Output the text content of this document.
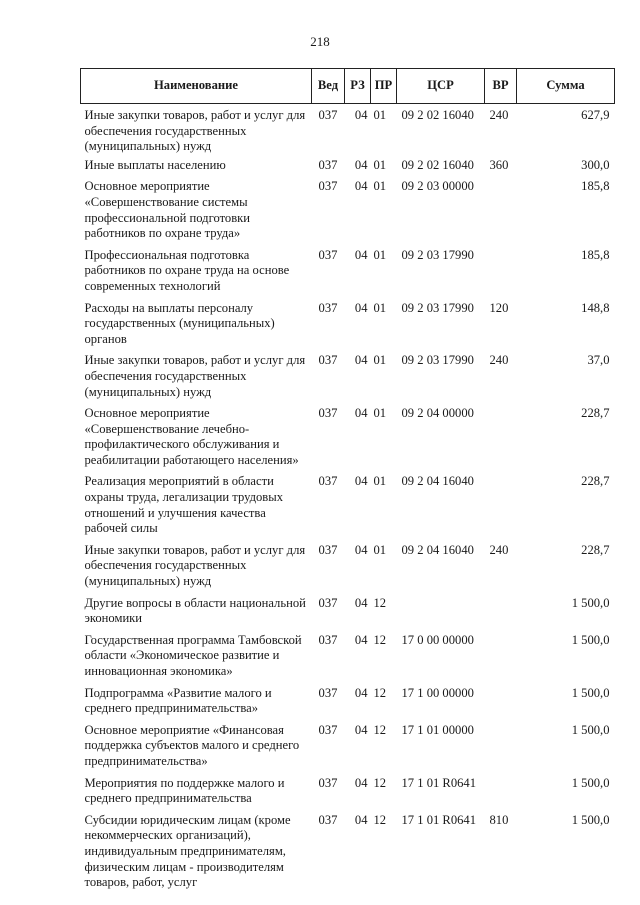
218
Наименование	Вед	РЗ	ПР	ЦСР	ВР	Сумма
Иные закупки товаров, работ и услуг для обеспечения государственных (муниципальных) нужд	037	04	01	09 2 02 16040	240	627,9
Иные выплаты населению	037	04	01	09 2 02 16040	360	300,0
Основное мероприятие «Совершенствование системы профессиональной подготовки работников по охране труда»	037	04	01	09 2 03 00000		185,8
Профессиональная подготовка работников по охране труда на основе современных технологий	037	04	01	09 2 03 17990		185,8
Расходы на выплаты персоналу государственных (муниципальных) органов	037	04	01	09 2 03 17990	120	148,8
Иные закупки товаров, работ и услуг для обеспечения государственных (муниципальных) нужд	037	04	01	09 2 03 17990	240	37,0
Основное мероприятие «Совершенствование лечебно-профилактического обслуживания и реабилитации работающего населения»	037	04	01	09 2 04 00000		228,7
Реализация мероприятий в области охраны труда, легализации трудовых отношений и улучшения качества рабочей силы	037	04	01	09 2 04 16040		228,7
Иные закупки товаров, работ и услуг для обеспечения государственных (муниципальных) нужд	037	04	01	09 2 04 16040	240	228,7
Другие вопросы в области национальной экономики	037	04	12			1 500,0
Государственная программа Тамбовской области «Экономическое развитие и инновационная экономика»	037	04	12	17 0 00 00000		1 500,0
Подпрограмма «Развитие малого и среднего предпринимательства»	037	04	12	17 1 00 00000		1 500,0
Основное мероприятие «Финансовая поддержка субъектов малого и среднего предпринимательства»	037	04	12	17 1 01 00000		1 500,0
Мероприятия по поддержке малого и среднего предпринимательства	037	04	12	17 1 01 R0641		1 500,0
Субсидии юридическим лицам (кроме некоммерческих организаций), индивидуальным предпринимателям, физическим лицам - производителям товаров, работ, услуг	037	04	12	17 1 01 R0641	810	1 500,0
